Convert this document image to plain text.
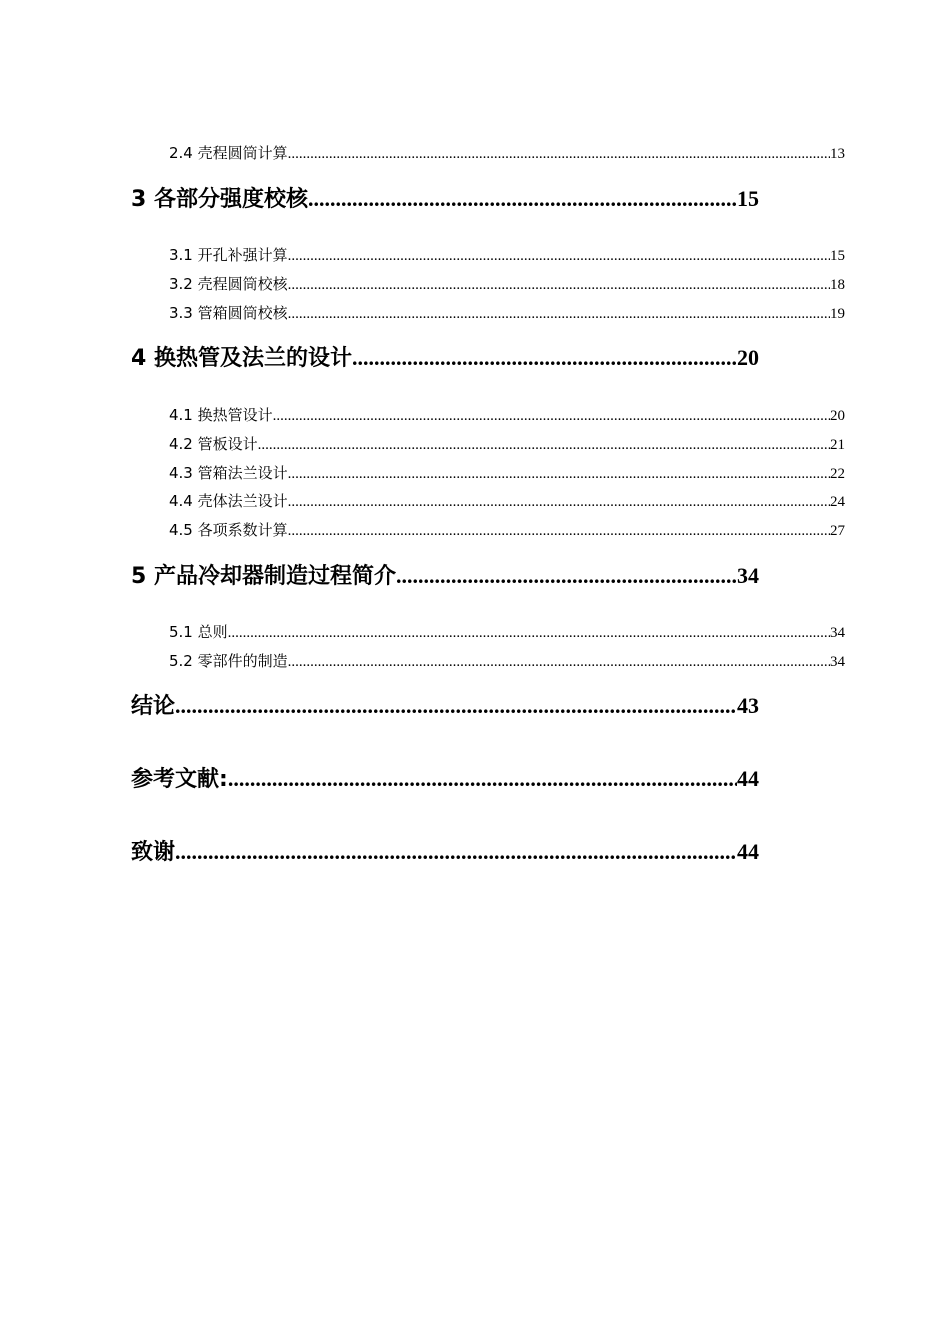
2.4 壳程圆筒计算 .....	13
3 各部分强度校核 .....	15
3.1 开孔补强计算 .....	15
3.2 壳程圆筒校核 .....	18
3.3 管箱圆筒校核 .....	19
4 换热管及法兰的设计 .....	20
4.1 换热管设计 .....	20
4.2 管板设计 .....	21
4.3 管箱法兰设计 .....	22
4.4 壳体法兰设计 .....	24
4.5 各项系数计算 .....	27
5 产品冷却器制造过程简介 .....	34
5.1 总则 .....	34
5.2 零部件的制造 .....	34
结论 .....	43
参考文献: .....	44
致谢 .....	44
